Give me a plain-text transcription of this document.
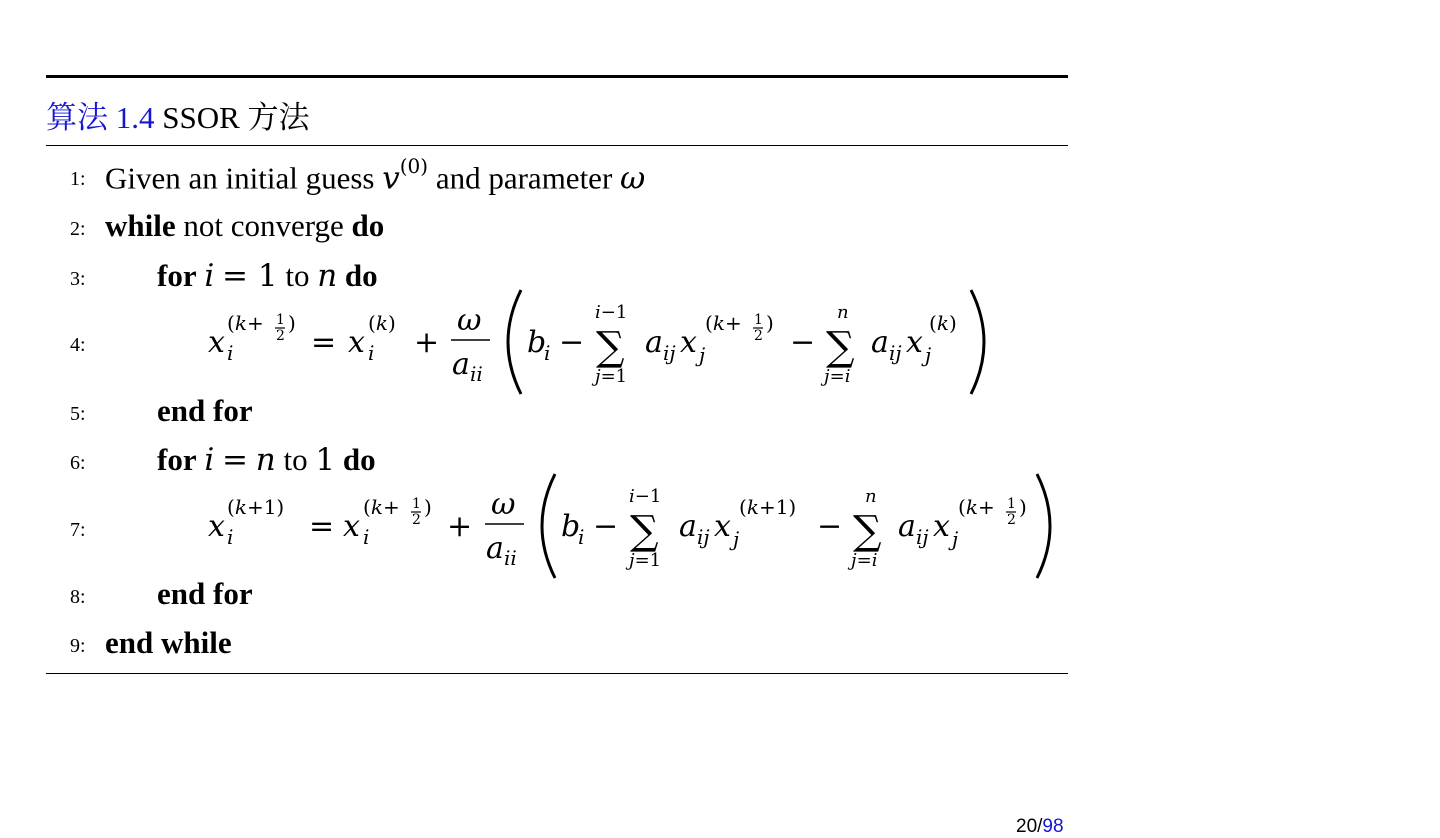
算法 1.4 SSOR 方法
1: Given an initial guess $v^{(0)}$ and parameter ω
2: while not converge do
3:	for i = 1 to n do
4:	x i
(k+ 1
2
)
= x i
(k)
+
ω
a ii
b
i −
i−1
∑
j=1
a ij x j
(k+ 1
2
)
−
n
∑
j=i
a ij x j
(k)
5:	end for
6:	for i = n to 1 do
7:	x i
(k+1)
= x i
(k+ 1
2
)
+
ω
a ii
b
i −
i−1
∑
j=1
a ij x j
(k+1)
−
n
∑
j=i
a ij x j
(k+ 1
2
)
8:	end for
9: end while
20/98
